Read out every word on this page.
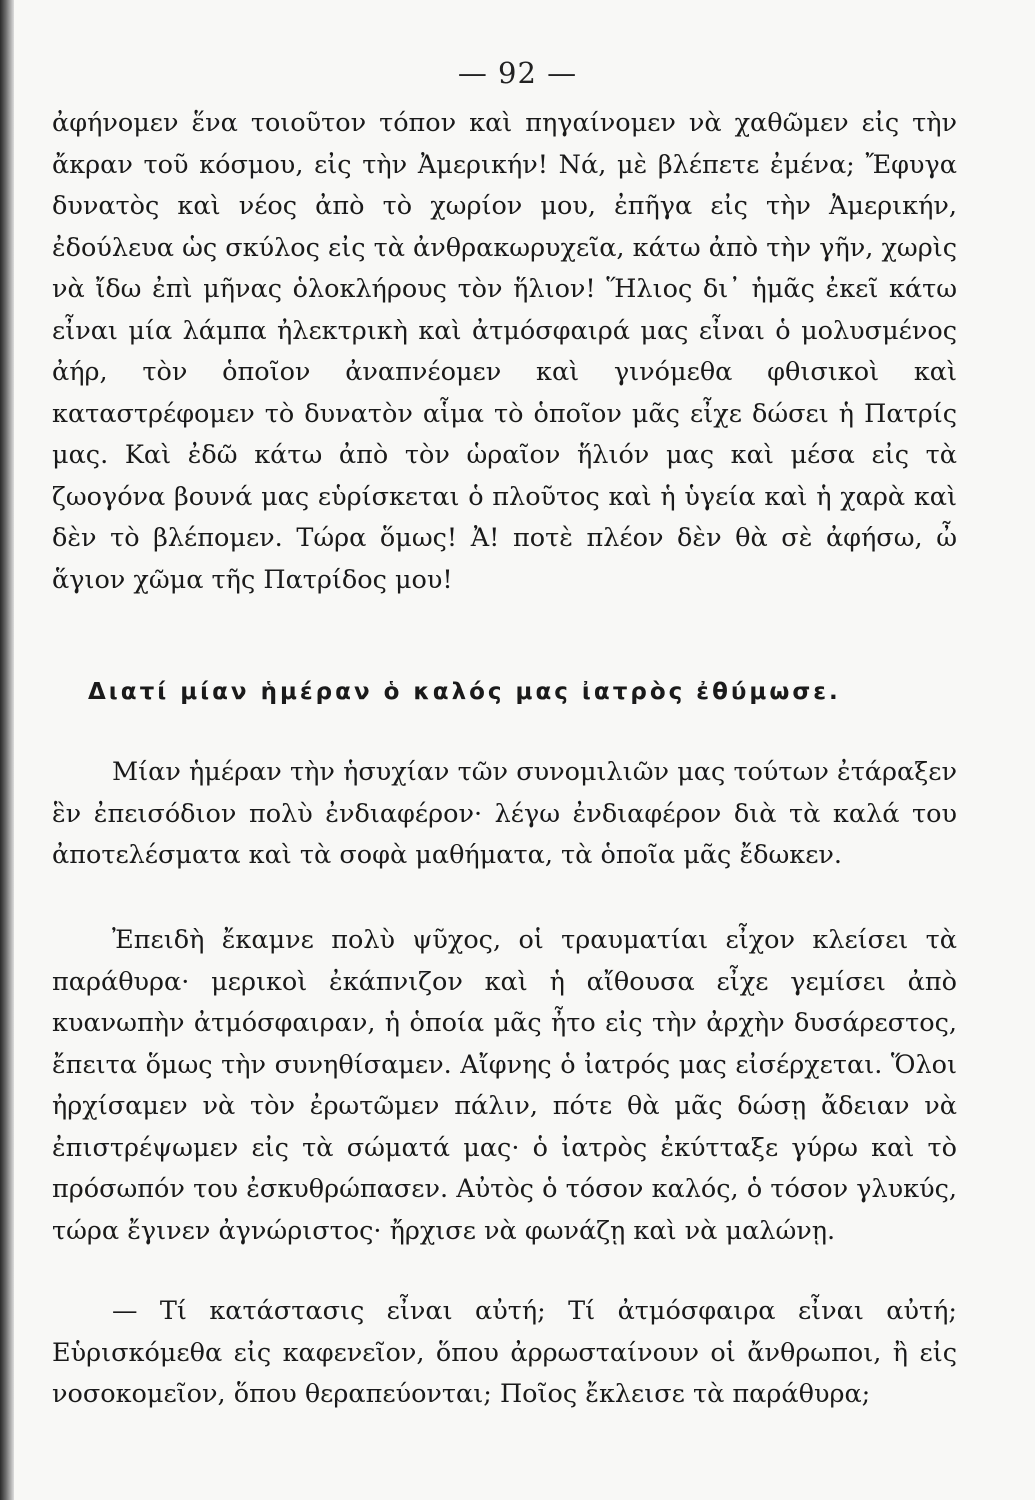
— 92 —
ἀφήνομεν ἕνα τοιοῦτον τόπον καὶ πηγαίνομεν νὰ χαθῶμεν εἰς τὴν ἄκραν τοῦ κόσμου, εἰς τὴν Ἀμερικήν! Νά, μὲ βλέπετε ἐμένα; Ἔφυγα δυνατὸς καὶ νέος ἀπὸ τὸ χωρίον μου, ἐπῆγα εἰς τὴν Ἀμερικήν, ἐδούλευα ὡς σκύλος εἰς τὰ ἀνθρακωρυχεῖα, κάτω ἀπὸ τὴν γῆν, χωρὶς νὰ ἴδω ἐπὶ μῆνας ὁλοκλήρους τὸν ἥλιον! Ἥλιος δι᾽ ἡμᾶς ἐκεῖ κάτω εἶναι μία λάμπα ἠλεκτρικὴ καὶ ἀτμόσφαιρά μας εἶναι ὁ μολυσμένος ἀήρ, τὸν ὁποῖον ἀναπνέομεν καὶ γινόμεθα φθισικοὶ καὶ καταστρέφομεν τὸ δυνατὸν αἷμα τὸ ὁποῖον μᾶς εἶχε δώσει ἡ Πατρίς μας. Καὶ ἐδῶ κάτω ἀπὸ τὸν ὡραῖον ἥλιόν μας καὶ μέσα εἰς τὰ ζωογόνα βουνά μας εὑρίσκεται ὁ πλοῦτος καὶ ἡ ὑγεία καὶ ἡ χαρὰ καὶ δὲν τὸ βλέπομεν. Τώρα ὅμως! Ἀ! ποτὲ πλέον δὲν θὰ σὲ ἀφήσω, ὦ ἅγιον χῶμα τῆς Πατρίδος μου!
Διατί μίαν ἡμέραν ὁ καλός μας ἰατρὸς ἐθύμωσε.
Μίαν ἡμέραν τὴν ἡσυχίαν τῶν συνομιλιῶν μας τούτων ἐτάραξεν ἓν ἐπεισόδιον πολὺ ἐνδιαφέρον· λέγω ἐνδιαφέρον διὰ τὰ καλά του ἀποτελέσματα καὶ τὰ σοφὰ μαθήματα, τὰ ὁποῖα μᾶς ἔδωκεν.
Ἐπειδὴ ἔκαμνε πολὺ ψῦχος, οἱ τραυματίαι εἶχον κλείσει τὰ παράθυρα· μερικοὶ ἐκάπνιζον καὶ ἡ αἴθουσα εἶχε γεμίσει ἀπὸ κυανωπὴν ἀτμόσφαιραν, ἡ ὁποία μᾶς ἦτο εἰς τὴν ἀρχὴν δυσάρεστος, ἔπειτα ὅμως τὴν συνηθίσαμεν. Αἴφνης ὁ ἰατρός μας εἰσέρχεται. Ὅλοι ἠρχίσαμεν νὰ τὸν ἐρωτῶμεν πάλιν, πότε θὰ μᾶς δώσῃ ἄδειαν νὰ ἐπιστρέψωμεν εἰς τὰ σώματά μας· ὁ ἰατρὸς ἐκύτταξε γύρω καὶ τὸ πρόσωπόν του ἐσκυθρώπασεν. Αὐτὸς ὁ τόσον καλός, ὁ τόσον γλυκύς, τώρα ἔγινεν ἀγνώριστος· ἤρχισε νὰ φωνάζῃ καὶ νὰ μαλώνῃ.
— Τί κατάστασις εἶναι αὐτή; Τί ἀτμόσφαιρα εἶναι αὐτή; Εὑρισκόμεθα εἰς καφενεῖον, ὅπου ἀρρωσταίνουν οἱ ἄνθρωποι, ἢ εἰς νοσοκομεῖον, ὅπου θεραπεύονται; Ποῖος ἔκλεισε τὰ παράθυρα;
